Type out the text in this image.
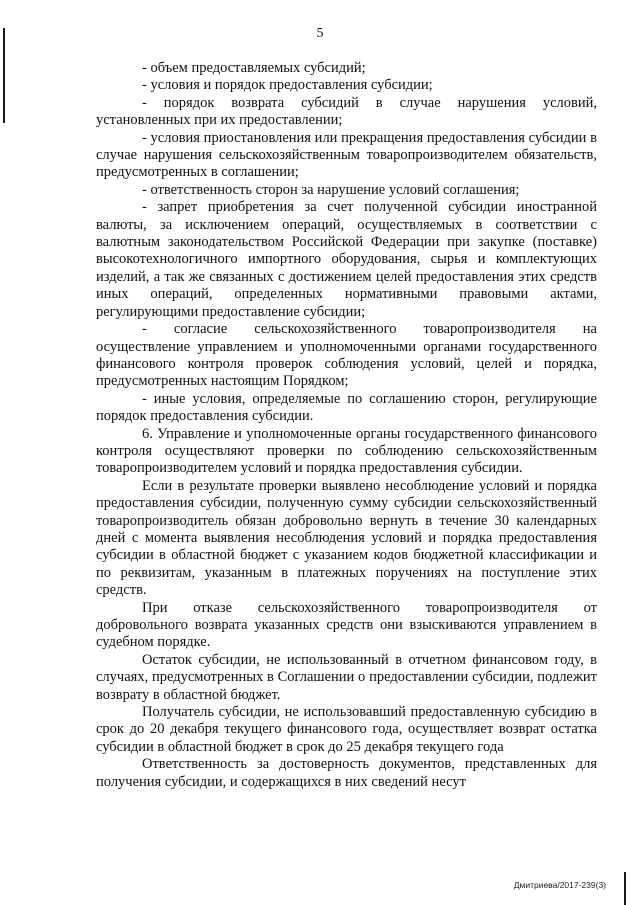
5

- объем предоставляемых субсидий;

- условия и порядок предоставления субсидии;

- порядок возврата субсидий в случае нарушения условий, установленных при их предоставлении;

- условия приостановления или прекращения предоставления субсидии в случае нарушения сельскохозяйственным товаропроизводителем обязательств, предусмотренных в соглашении;

- ответственность сторон за нарушение условий соглашения;

- запрет приобретения за счет полученной субсидии иностранной валюты, за исключением операций, осуществляемых в соответствии с валютным законодательством Российской Федерации при закупке (поставке) высокотехнологичного импортного оборудования, сырья и комплектующих изделий, а так же связанных с достижением целей предоставления этих средств иных операций, определенных нормативными правовыми актами, регулирующими предоставление субсидии;

- согласие сельскохозяйственного товаропроизводителя на осуществление управлением и уполномоченными органами государственного финансового контроля проверок соблюдения условий, целей и порядка, предусмотренных настоящим Порядком;

- иные условия, определяемые по соглашению сторон, регулирующие порядок предоставления субсидии.

6. Управление и уполномоченные органы государственного финансового контроля осуществляют проверки по соблюдению сельскохозяйственным товаропроизводителем условий и порядка предоставления субсидии.

Если в результате проверки выявлено несоблюдение условий и порядка предоставления субсидии, полученную сумму субсидии сельскохозяйственный товаропроизводитель обязан добровольно вернуть в течение 30 календарных дней с момента выявления несоблюдения условий и порядка предоставления субсидии в областной бюджет с указанием кодов бюджетной классификации и по реквизитам, указанным в платежных поручениях на поступление этих средств.

При отказе сельскохозяйственного товаропроизводителя от добровольного возврата указанных средств они взыскиваются управлением в судебном порядке.

Остаток субсидии, не использованный в отчетном финансовом году, в случаях, предусмотренных в Соглашении о предоставлении субсидии, подлежит возврату в областной бюджет.

Получатель субсидии, не использовавший предоставленную субсидию в срок до 20 декабря текущего финансового года, осуществляет возврат остатка субсидии в областной бюджет в срок до 25 декабря текущего года

Ответственность за достоверность документов, представленных для получения субсидии, и содержащихся в них сведений несут

Дмитриева/2017-239(3)
